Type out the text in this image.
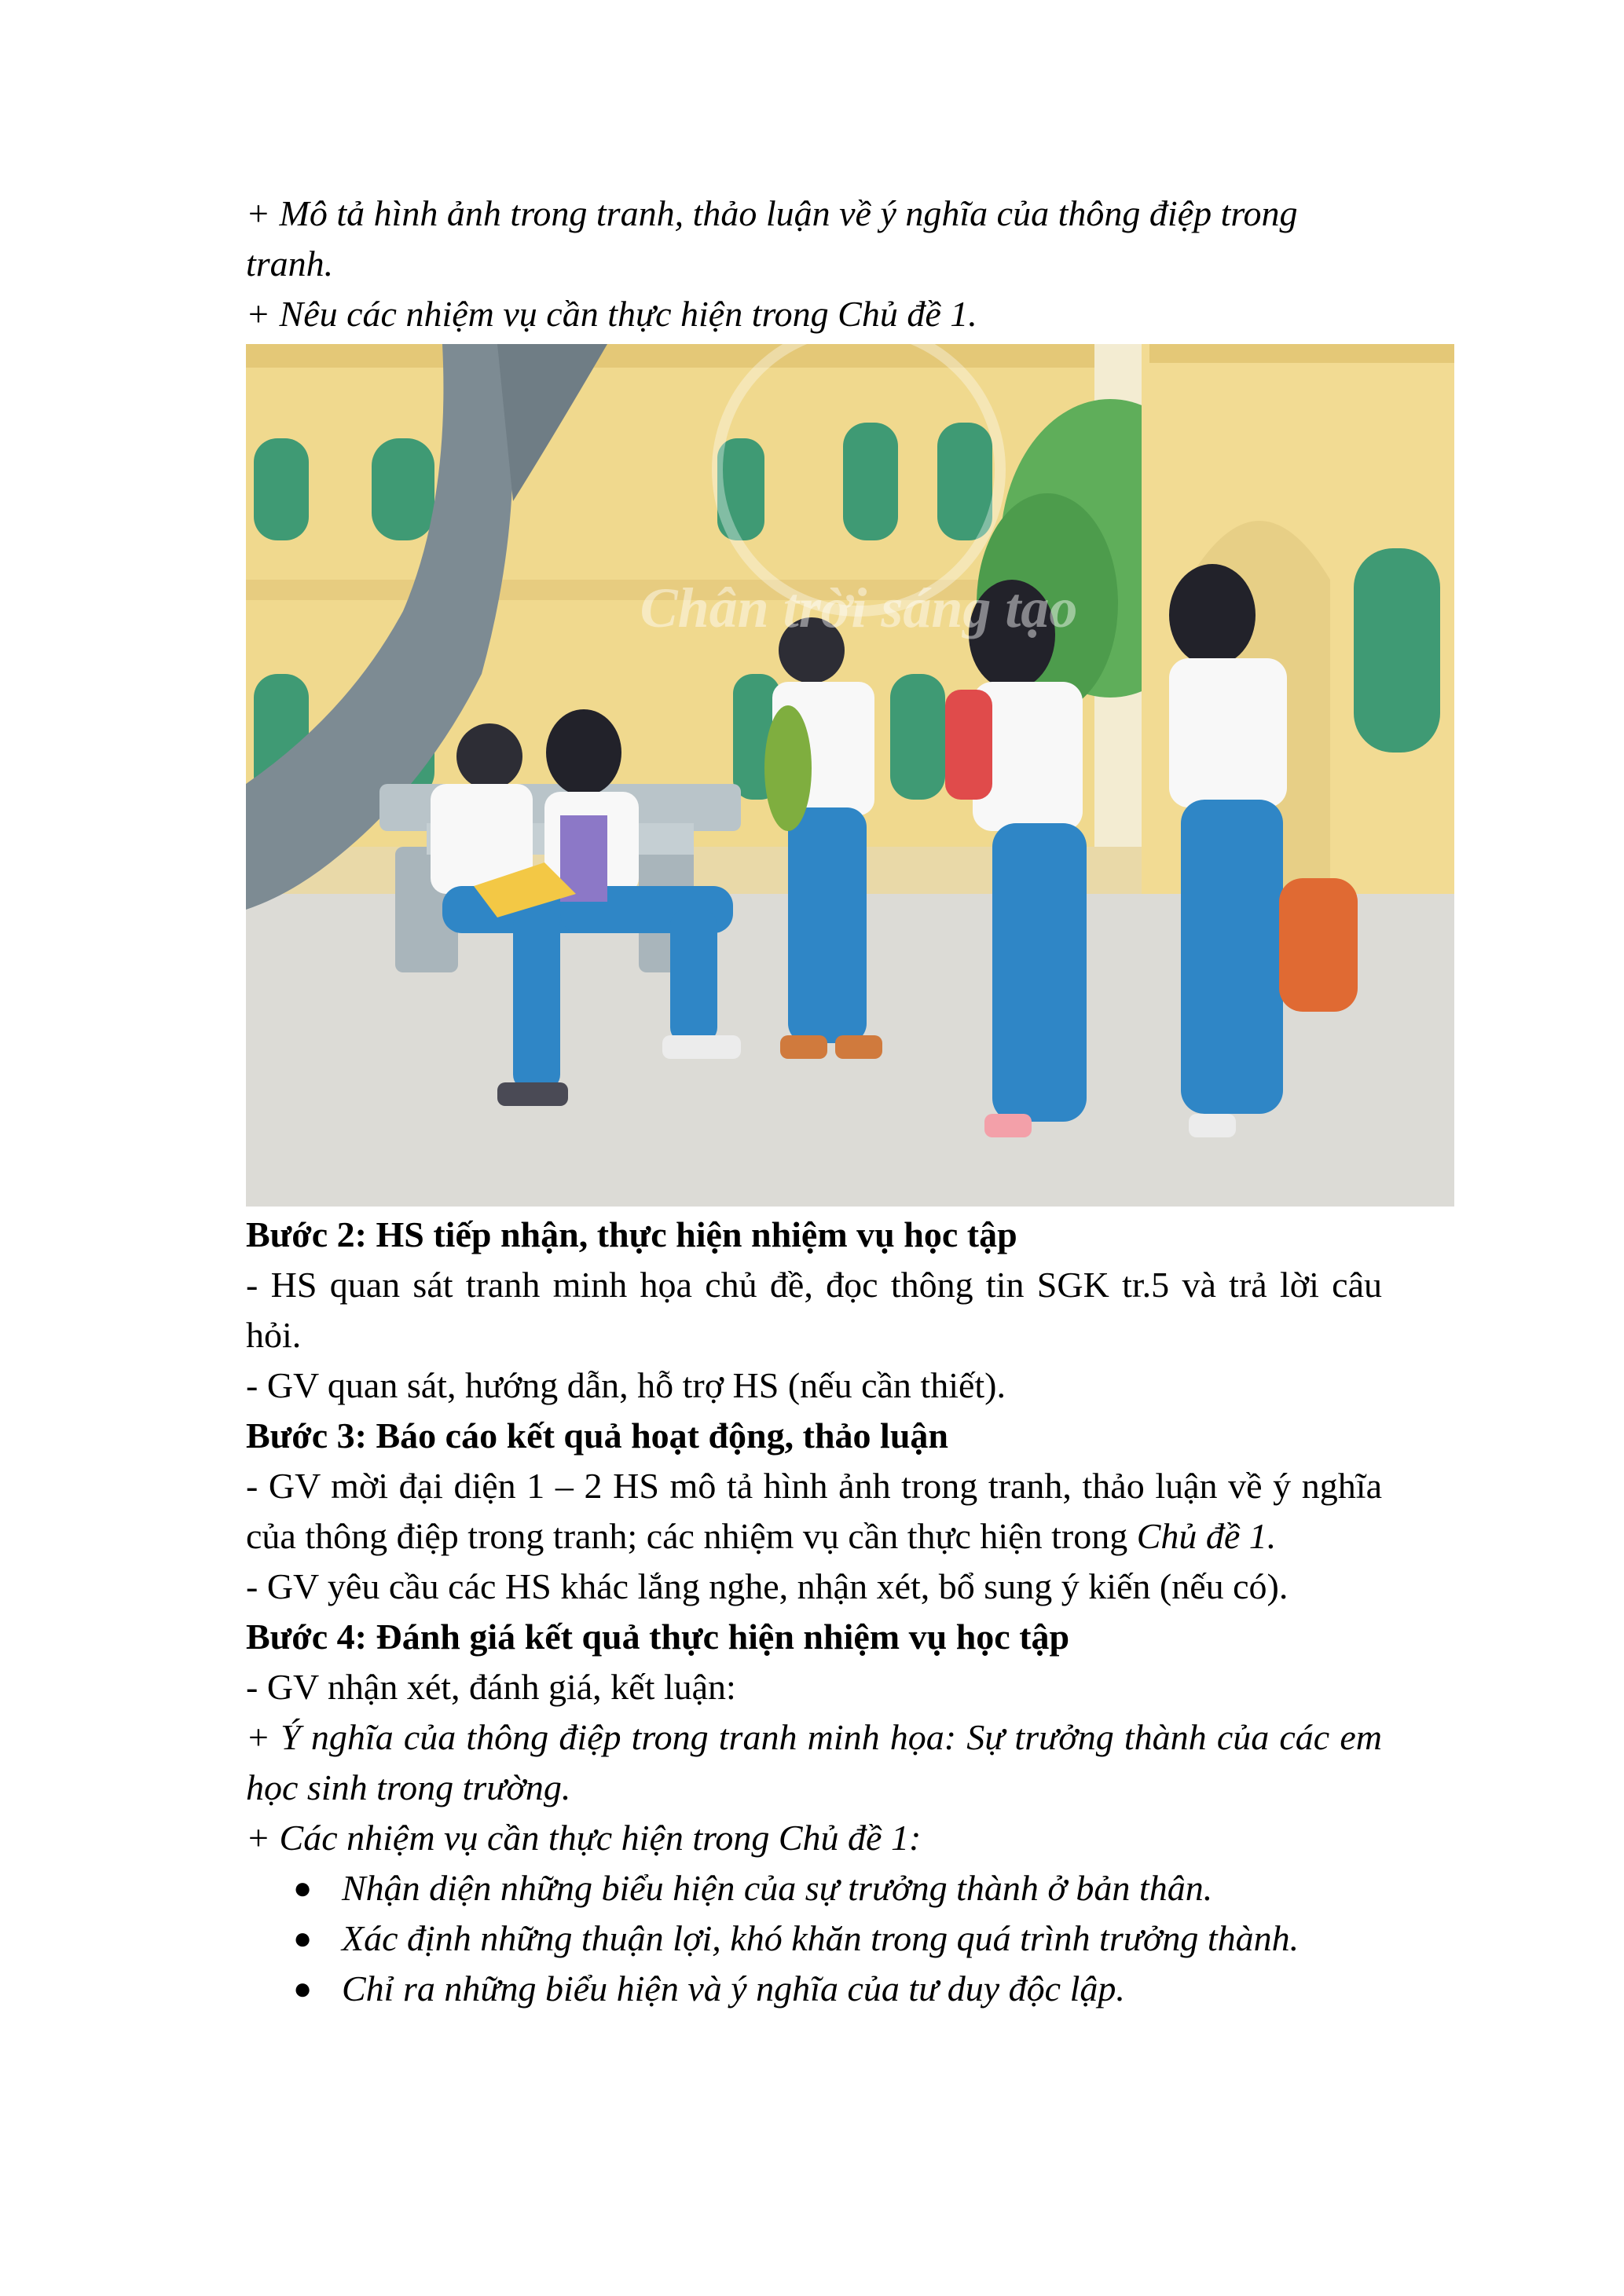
+ Mô tả hình ảnh trong tranh, thảo luận về ý nghĩa của thông điệp trong tranh.

+ Nêu các nhiệm vụ cần thực hiện trong Chủ đề 1.

Chân trời sáng tạo

Bước 2: HS tiếp nhận, thực hiện nhiệm vụ học tập

- HS quan sát tranh minh họa chủ đề, đọc thông tin SGK tr.5 và trả lời câu hỏi.

- GV quan sát, hướng dẫn, hỗ trợ HS (nếu cần thiết).

Bước 3: Báo cáo kết quả hoạt động, thảo luận

- GV mời đại diện 1 – 2 HS mô tả hình ảnh trong tranh, thảo luận về ý nghĩa của thông điệp trong tranh; các nhiệm vụ cần thực hiện trong Chủ đề 1.

- GV yêu cầu các HS khác lắng nghe, nhận xét, bổ sung ý kiến (nếu có).

Bước 4: Đánh giá kết quả thực hiện nhiệm vụ học tập

- GV nhận xét, đánh giá, kết luận:

+ Ý nghĩa của thông điệp trong tranh minh họa: Sự trưởng thành của các em học sinh trong trường.

+ Các nhiệm vụ cần thực hiện trong Chủ đề 1:

● Nhận diện những biểu hiện của sự trưởng thành ở bản thân.

● Xác định những thuận lợi, khó khăn trong quá trình trưởng thành.

● Chỉ ra những biểu hiện và ý nghĩa của tư duy độc lập.
